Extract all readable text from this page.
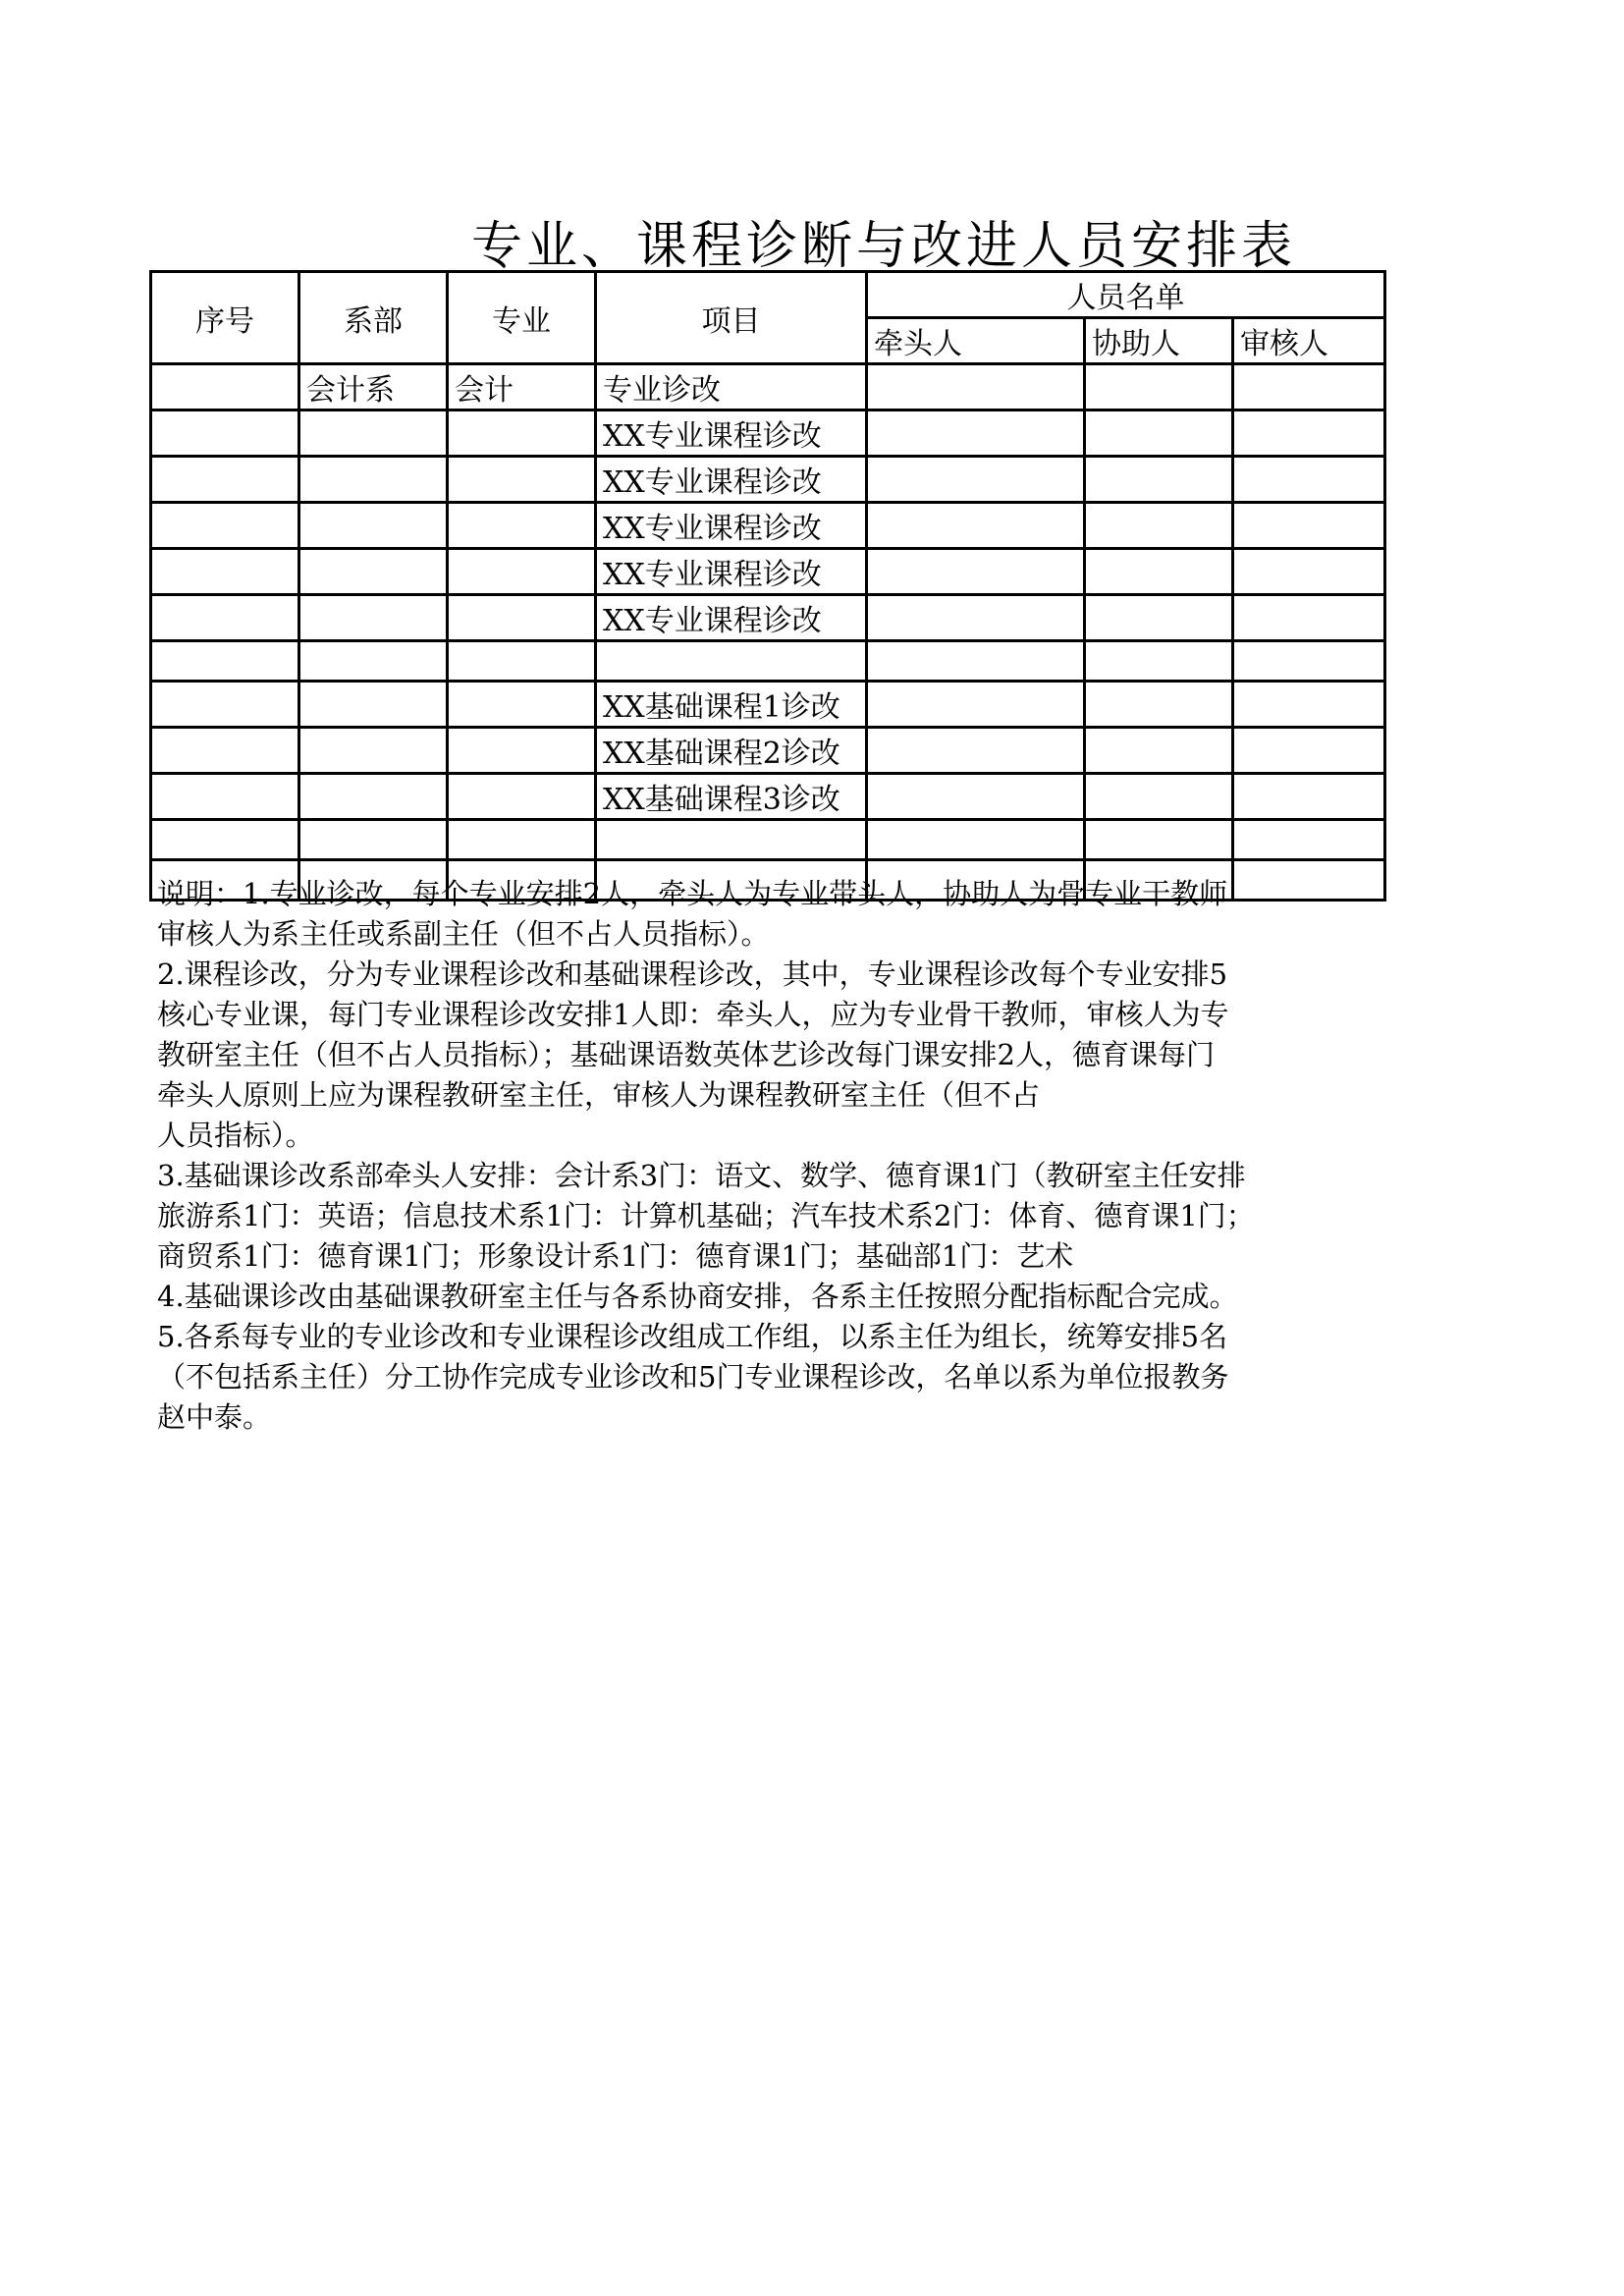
专业、课程诊断与改进人员安排表
序号	系部	专业	项目	人员名单		
				牵头人	协助人	审核人
	会计系	会计	专业诊改			
			XX专业课程诊改			
			XX专业课程诊改			
			XX专业课程诊改			
			XX专业课程诊改			
			XX专业课程诊改			

			XX基础课程1诊改			
			XX基础课程2诊改			
			XX基础课程3诊改			

说明：1.专业诊改，每个专业安排2人，牵头人为专业带头人，协助人为骨专业干教师
审核人为系主任或系副主任（但不占人员指标）。
2.课程诊改，分为专业课程诊改和基础课程诊改，其中，专业课程诊改每个专业安排5
核心专业课，每门专业课程诊改安排1人即：牵头人，应为专业骨干教师，审核人为专
教研室主任（但不占人员指标）；基础课语数英体艺诊改每门课安排2人，德育课每门
牵头人原则上应为课程教研室主任，审核人为课程教研室主任（但不占
人员指标）。
3.基础课诊改系部牵头人安排：会计系3门：语文、数学、德育课1门（教研室主任安排
旅游系1门：英语；信息技术系1门：计算机基础；汽车技术系2门：体育、德育课1门；
商贸系1门：德育课1门；形象设计系1门：德育课1门；基础部1门：艺术
4.基础课诊改由基础课教研室主任与各系协商安排，各系主任按照分配指标配合完成。
5.各系每专业的专业诊改和专业课程诊改组成工作组，以系主任为组长，统筹安排5名
（不包括系主任）分工协作完成专业诊改和5门专业课程诊改，名单以系为单位报教务
赵中泰。
